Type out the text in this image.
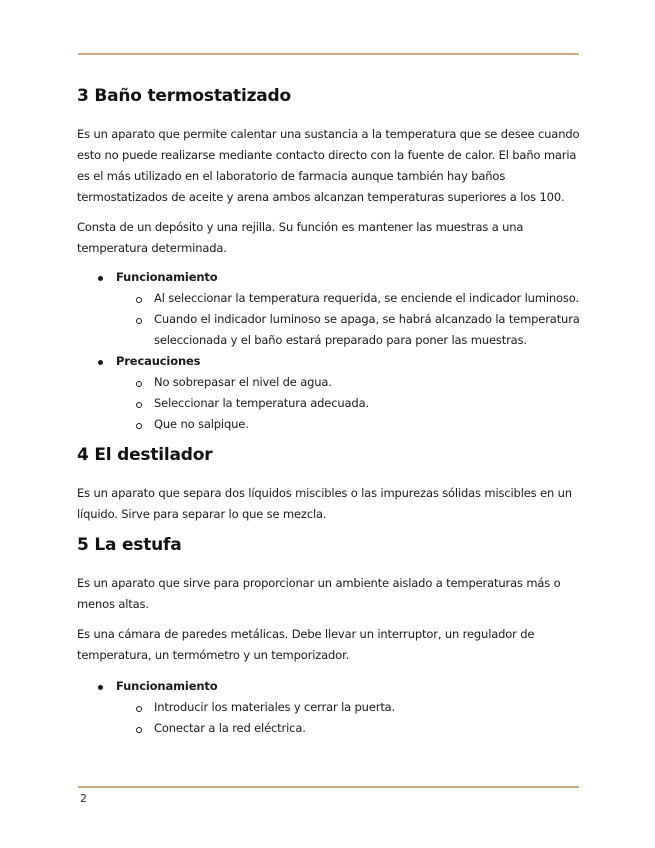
3 Baño termostatizado

Es un aparato que permite calentar una sustancia a la temperatura que se desee cuando esto no puede realizarse mediante contacto directo con la fuente de calor. El baño maria es el más utilizado en el laboratorio de farmacia aunque también hay baños termostatizados de aceite y arena ambos alcanzan temperaturas superiores a los 100.

Consta de un depósito y una rejilla. Su función es mantener las muestras a una temperatura determinada.

Funcionamiento
Al seleccionar la temperatura requerida, se enciende el indicador luminoso.
Cuando el indicador luminoso se apaga, se habrá alcanzado la temperatura seleccionada y el baño estará preparado para poner las muestras.
Precauciones
No sobrepasar el nivel de agua.
Seleccionar la temperatura adecuada.
Que no salpique.
4 El destilador

Es un aparato que separa dos líquidos miscibles o las impurezas sólidas miscibles en un líquido. Sirve para separar lo que se mezcla.

5 La estufa

Es un aparato que sirve para proporcionar un ambiente aislado a temperaturas más o menos altas.

Es una cámara de paredes metálicas. Debe llevar un interruptor, un regulador de temperatura, un termómetro y un temporizador.

Funcionamiento
Introducir los materiales y cerrar la puerta.
Conectar a la red eléctrica.
2
